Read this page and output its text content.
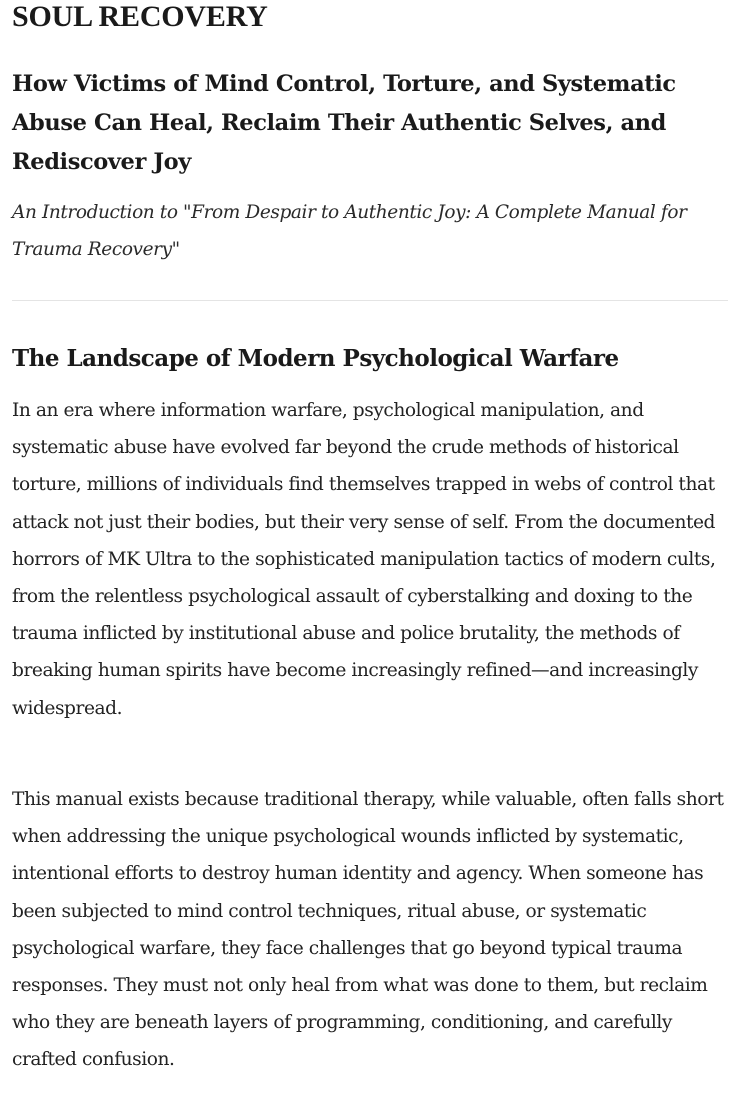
SOUL RECOVERY
How Victims of Mind Control, Torture, and Systematic Abuse Can Heal, Reclaim Their Authentic Selves, and Rediscover Joy

An Introduction to "From Despair to Authentic Joy: A Complete Manual for Trauma Recovery"

The Landscape of Modern Psychological Warfare

In an era where information warfare, psychological manipulation, and systematic abuse have evolved far beyond the crude methods of historical torture, millions of individuals find themselves trapped in webs of control that attack not just their bodies, but their very sense of self. From the documented horrors of MK Ultra to the sophisticated manipulation tactics of modern cults, from the relentless psychological assault of cyberstalking and doxing to the trauma inflicted by institutional abuse and police brutality, the methods of breaking human spirits have become increasingly refined—and increasingly widespread.

This manual exists because traditional therapy, while valuable, often falls short when addressing the unique psychological wounds inflicted by systematic, intentional efforts to destroy human identity and agency. When someone has been subjected to mind control techniques, ritual abuse, or systematic psychological warfare, they face challenges that go beyond typical trauma responses. They must not only heal from what was done to them, but reclaim who they are beneath layers of programming, conditioning, and carefully crafted confusion.
